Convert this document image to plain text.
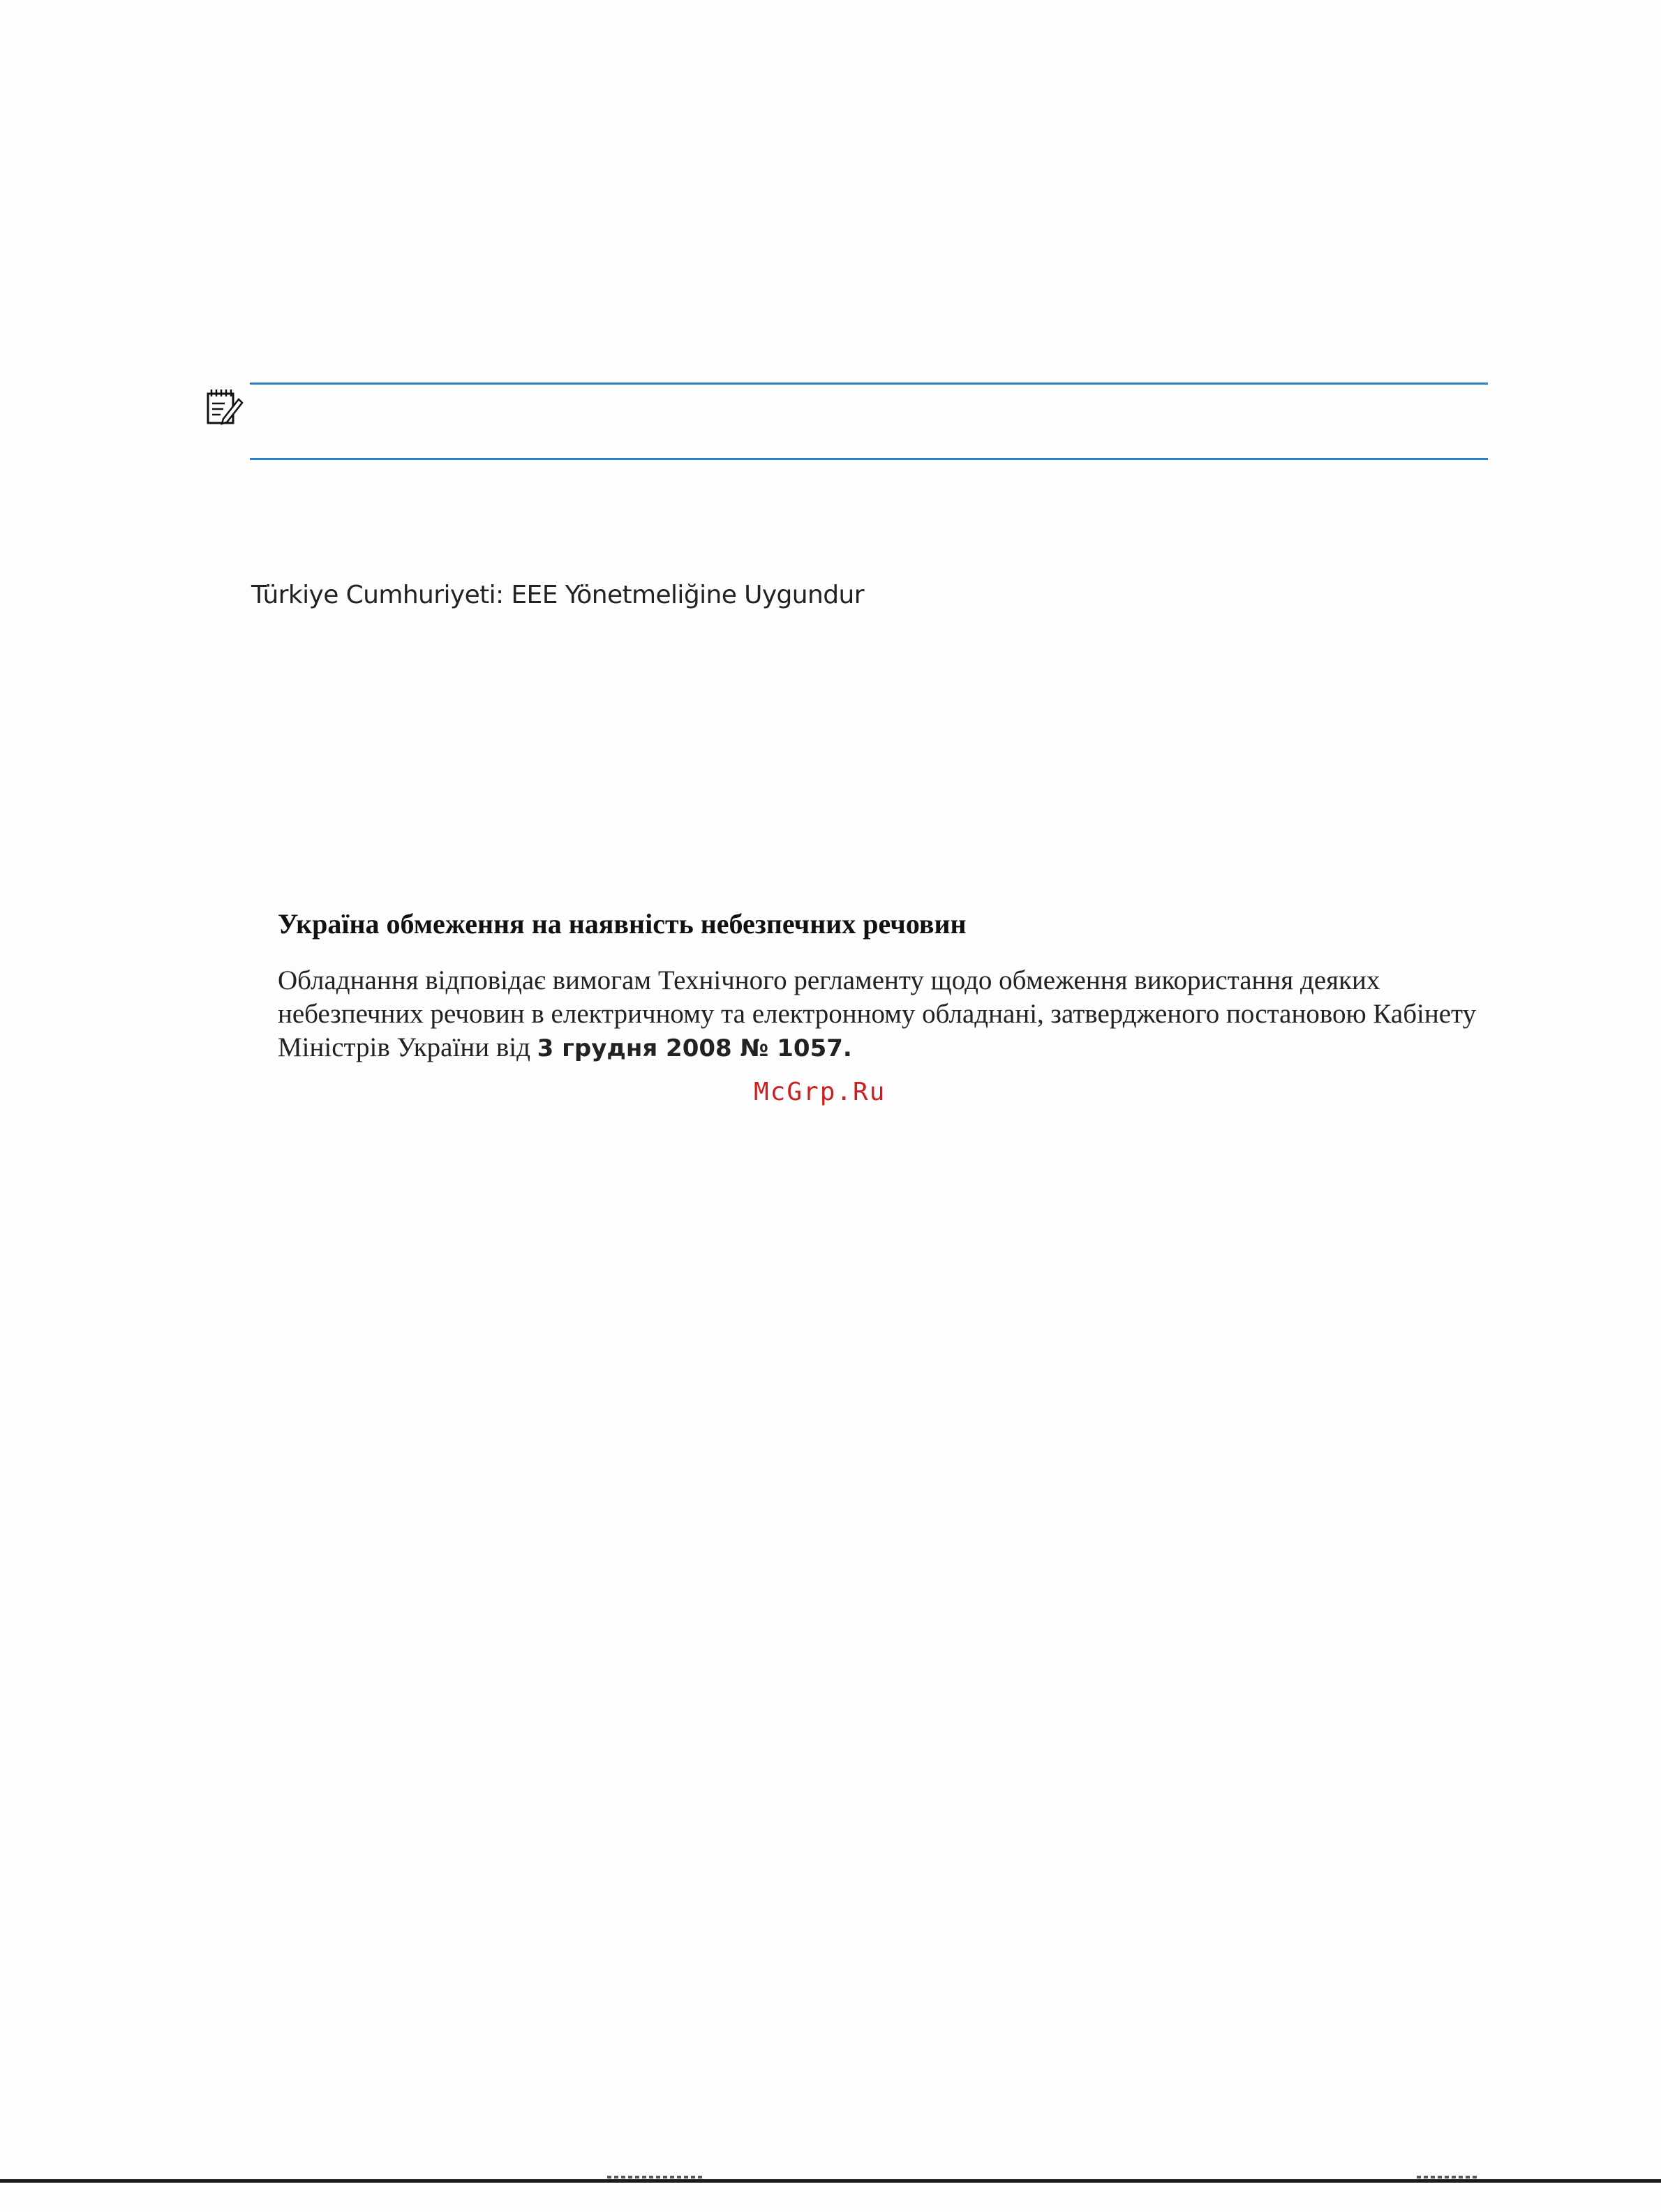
Türkiye Cumhuriyeti: EEE Yönetmeliğine Uygundur

Україна обмеження на наявність небезпечних речовин

Обладнання відповідає вимогам Технічного регламенту щодо обмеження використання деяких
небезпечних речовин в електричному та електронному обладнані, затвердженого постановою Кабінету
Міністрів України від 3 грудня 2008 № 1057.

McGrp.Ru
